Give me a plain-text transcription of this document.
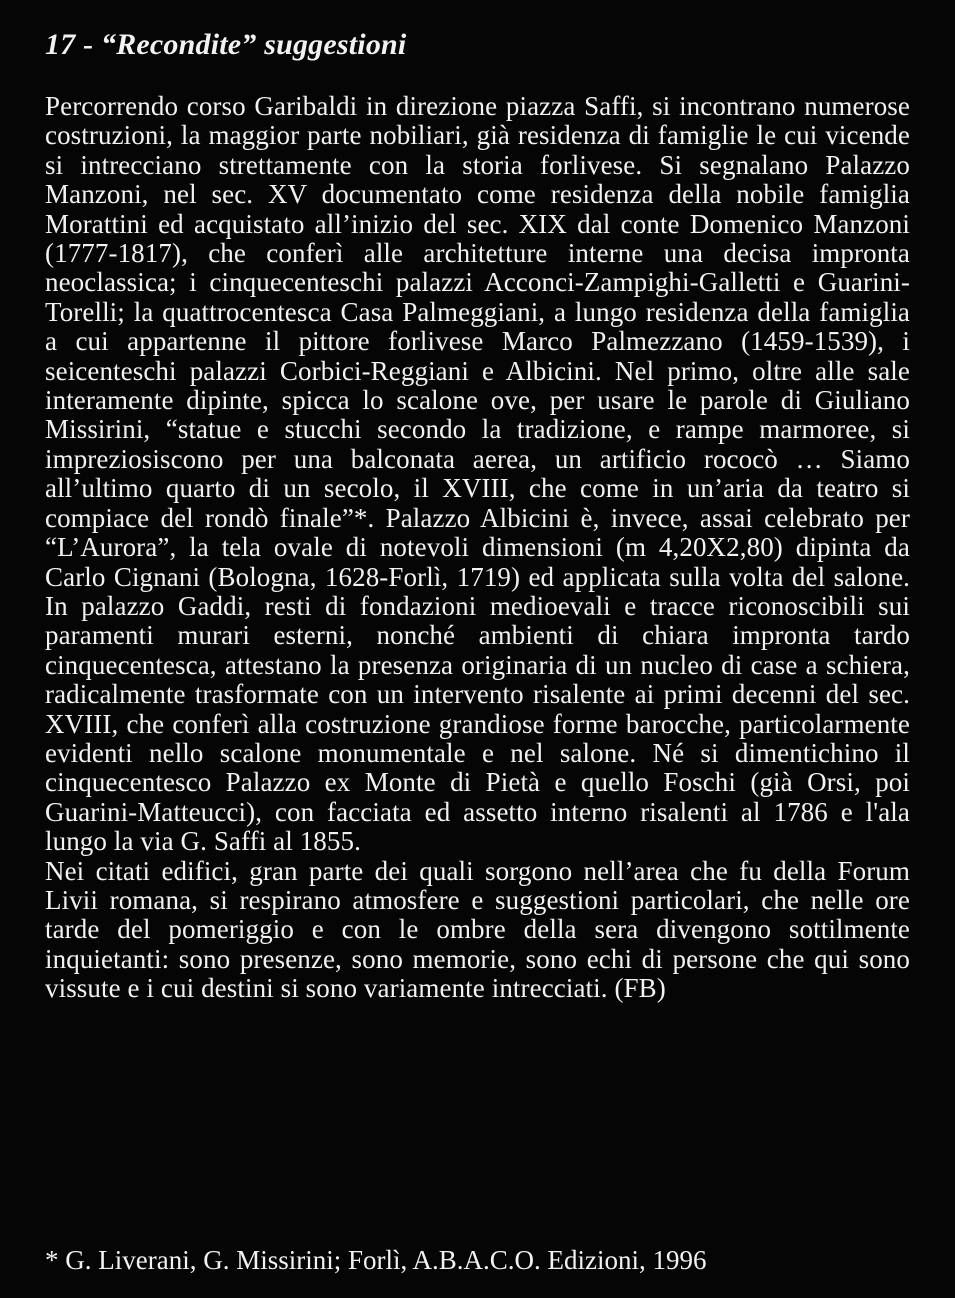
17 - “Recondite” suggestioni

Percorrendo corso Garibaldi in direzione piazza Saffi, si incontrano numerose costruzioni, la maggior parte nobiliari, già residenza di famiglie le cui vicende si intrecciano strettamente con la storia forlivese. Si segnalano Palazzo Manzoni, nel sec. XV documentato come residenza della nobile famiglia Morattini ed acquistato all’inizio del sec. XIX dal conte Domenico Manzoni (1777-1817), che conferì alle architetture interne una decisa impronta neoclassica; i cinquecenteschi palazzi Acconci-Zampighi-Galletti e Guarini-Torelli; la quattrocentesca Casa Palmeggiani, a lungo residenza della famiglia a cui appartenne il pittore forlivese Marco Palmezzano (1459-1539), i seicenteschi palazzi Corbici-Reggiani e Albicini. Nel primo, oltre alle sale interamente dipinte, spicca lo scalone ove, per usare le parole di Giuliano Missirini, “statue e stucchi secondo la tradizione, e rampe marmoree, si impreziosiscono per una balconata aerea, un artificio rococò … Siamo all’ultimo quarto di un secolo, il XVIII, che come in un’aria da teatro si compiace del rondò finale”*. Palazzo Albicini è, invece, assai celebrato per “L’Aurora”, la tela ovale di notevoli dimensioni (m 4,20X2,80) dipinta da Carlo Cignani (Bologna, 1628-Forlì, 1719) ed applicata sulla volta del salone. In palazzo Gaddi, resti di fondazioni medioevali e tracce riconoscibili sui paramenti murari esterni, nonché ambienti di chiara impronta tardo cinquecentesca, attestano la presenza originaria di un nucleo di case a schiera, radicalmente trasformate con un intervento risalente ai primi decenni del sec. XVIII, che conferì alla costruzione grandiose forme barocche, particolarmente evidenti nello scalone monumentale e nel salone. Né si dimentichino il cinquecentesco Palazzo ex Monte di Pietà e quello Foschi (già Orsi, poi Guarini-Matteucci), con facciata ed assetto interno risalenti al 1786 e l'ala lungo la via G. Saffi al 1855.

Nei citati edifici, gran parte dei quali sorgono nell’area che fu della Forum Livii romana, si respirano atmosfere e suggestioni particolari, che nelle ore tarde del pomeriggio e con le ombre della sera divengono sottilmente inquietanti: sono presenze, sono memorie, sono echi di persone che qui sono vissute e i cui destini si sono variamente intrecciati. (FB)

* G. Liverani, G. Missirini; Forlì, A.B.A.C.O. Edizioni, 1996
